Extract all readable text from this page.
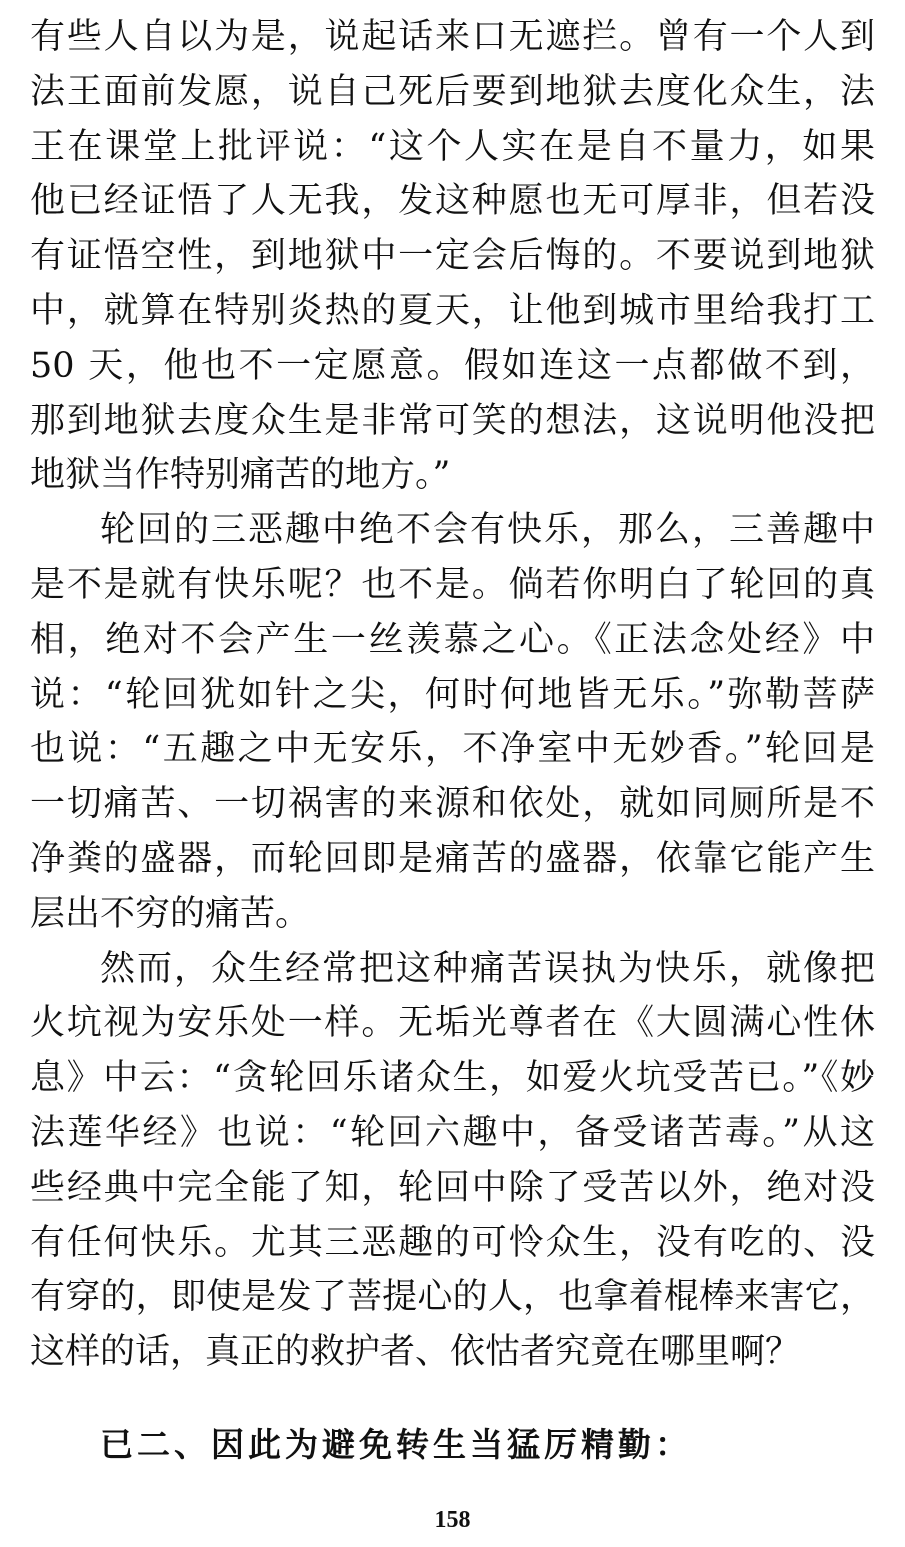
有些人自以为是，说起话来口无遮拦。曾有一个人到
法王面前发愿，说自己死后要到地狱去度化众生，法
王在课堂上批评说：“这个人实在是自不量力，如果
他已经证悟了人无我，发这种愿也无可厚非，但若没
有证悟空性，到地狱中一定会后悔的。不要说到地狱
中，就算在特别炎热的夏天，让他到城市里给我打工
50 天，他也不一定愿意。假如连这一点都做不到，
那到地狱去度众生是非常可笑的想法，这说明他没把
地狱当作特别痛苦的地方。”
轮回的三恶趣中绝不会有快乐，那么，三善趣中
是不是就有快乐呢？也不是。倘若你明白了轮回的真
相，绝对不会产生一丝羡慕之心。《正法念处经》中
说：“轮回犹如针之尖，何时何地皆无乐。”弥勒菩萨
也说：“五趣之中无安乐，不净室中无妙香。”轮回是
一切痛苦、一切祸害的来源和依处，就如同厕所是不
净粪的盛器，而轮回即是痛苦的盛器，依靠它能产生
层出不穷的痛苦。
然而，众生经常把这种痛苦误执为快乐，就像把
火坑视为安乐处一样。无垢光尊者在《大圆满心性休
息》中云：“贪轮回乐诸众生，如爱火坑受苦已。”《妙
法莲华经》也说：“轮回六趣中，备受诸苦毒。”从这
些经典中完全能了知，轮回中除了受苦以外，绝对没
有任何快乐。尤其三恶趣的可怜众生，没有吃的、没
有穿的，即使是发了菩提心的人，也拿着棍棒来害它，
这样的话，真正的救护者、依怙者究竟在哪里啊？
已二、因此为避免转生当猛厉精勤：
158
